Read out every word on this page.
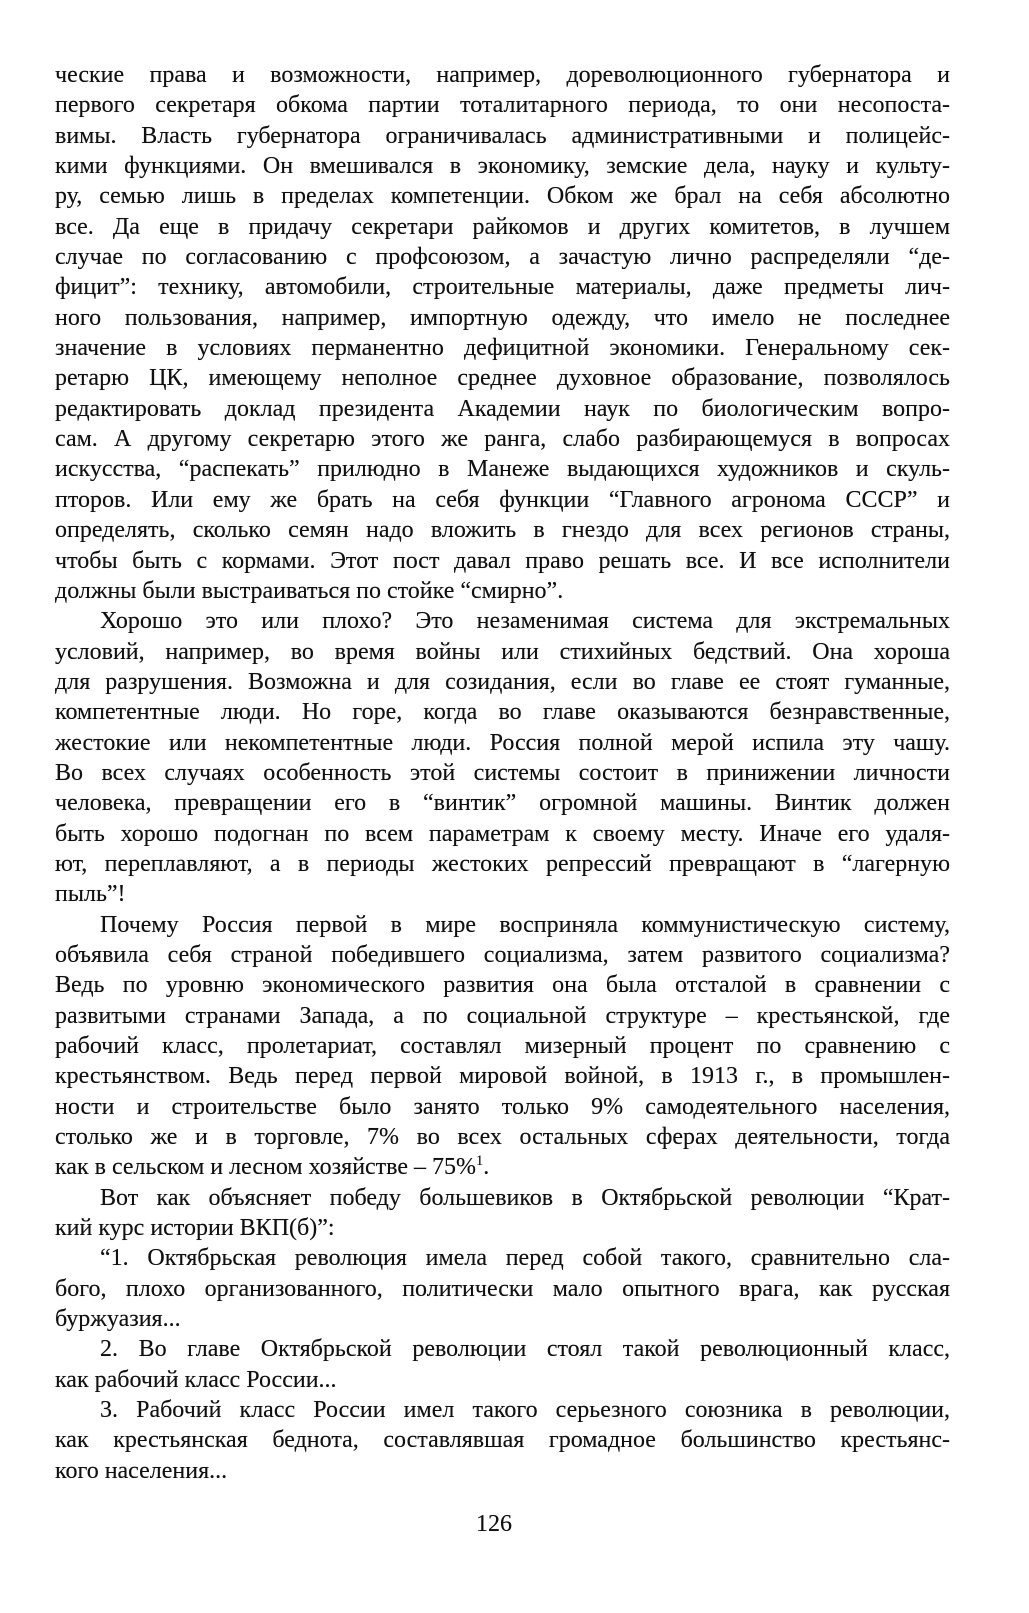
ческие права и возможности, например, дореволюционного губернатора и
первого секретаря обкома партии тоталитарного периода, то они несопоста-
вимы. Власть губернатора ограничивалась административными и полицейс-
кими функциями. Он вмешивался в экономику, земские дела, науку и культу-
ру, семью лишь в пределах компетенции. Обком же брал на себя абсолютно
все. Да еще в придачу секретари райкомов и других комитетов, в лучшем
случае по согласованию с профсоюзом, а зачастую лично распределяли “де-
фицит”: технику, автомобили, строительные материалы, даже предметы лич-
ного пользования, например, импортную одежду, что имело не последнее
значение в условиях перманентно дефицитной экономики. Генеральному сек-
ретарю ЦК, имеющему неполное среднее духовное образование, позволялось
редактировать доклад президента Академии наук по биологическим вопро-
сам. А другому секретарю этого же ранга, слабо разбирающемуся в вопросах
искусства, “распекать” прилюдно в Манеже выдающихся художников и скуль-
пторов. Или ему же брать на себя функции “Главного агронома СССР” и
определять, сколько семян надо вложить в гнездо для всех регионов страны,
чтобы быть с кормами. Этот пост давал право решать все. И все исполнители
должны были выстраиваться по стойке “смирно”.
Хорошо это или плохо? Это незаменимая система для экстремальных
условий, например, во время войны или стихийных бедствий. Она хороша
для разрушения. Возможна и для созидания, если во главе ее стоят гуманные,
компетентные люди. Но горе, когда во главе оказываются безнравственные,
жестокие или некомпетентные люди. Россия полной мерой испила эту чашу.
Во всех случаях особенность этой системы состоит в принижении личности
человека, превращении его в “винтик” огромной машины. Винтик должен
быть хорошо подогнан по всем параметрам к своему месту. Иначе его удаля-
ют, переплавляют, а в периоды жестоких репрессий превращают в “лагерную
пыль”!
Почему Россия первой в мире восприняла коммунистическую систему,
объявила себя страной победившего социализма, затем развитого социализма?
Ведь по уровню экономического развития она была отсталой в сравнении с
развитыми странами Запада, а по социальной структуре – крестьянской, где
рабочий класс, пролетариат, составлял мизерный процент по сравнению с
крестьянством. Ведь перед первой мировой войной, в 1913 г., в промышлен-
ности и строительстве было занято только 9% самодеятельного населения,
столько же и в торговле, 7% во всех остальных сферах деятельности, тогда
как в сельском и лесном хозяйстве – 75%$^1$.
Вот как объясняет победу большевиков в Октябрьской революции “Крат-
кий курс истории ВКП(б)”:
“1. Октябрьская революция имела перед собой такого, сравнительно сла-
бого, плохо организованного, политически мало опытного врага, как русская
буржуазия...
2. Во главе Октябрьской революции стоял такой революционный класс,
как рабочий класс России...
3. Рабочий класс России имел такого серьезного союзника в революции,
как крестьянская беднота, составлявшая громадное большинство крестьянс-
кого населения...
126
